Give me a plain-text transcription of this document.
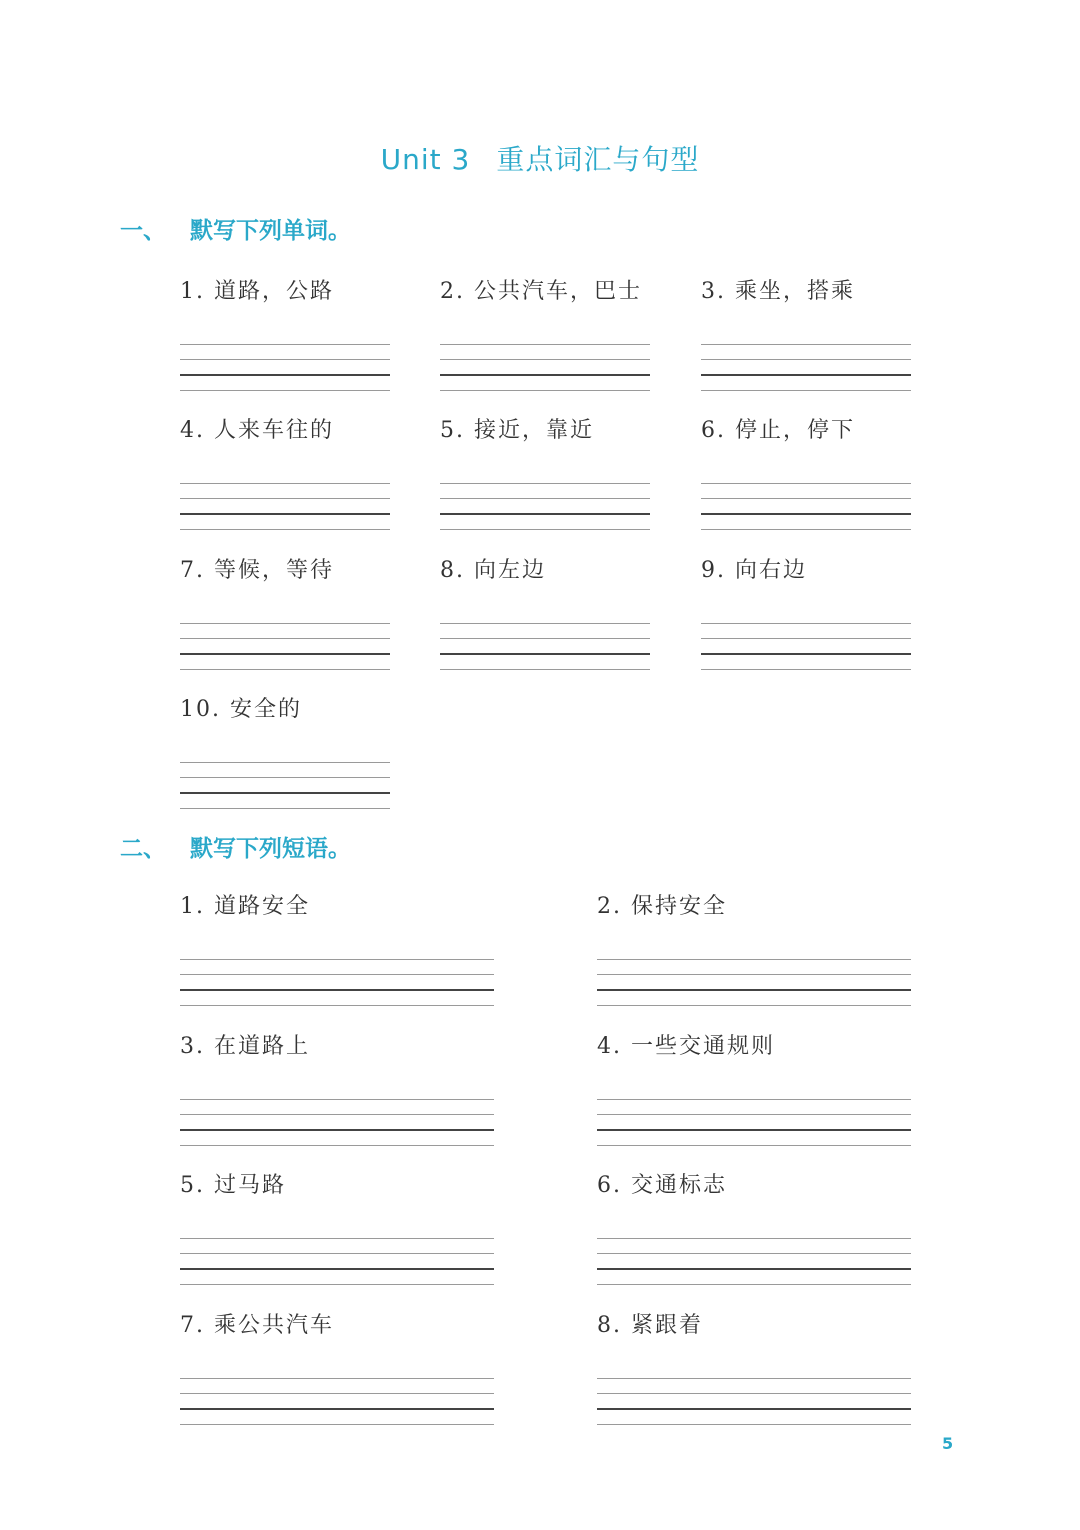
Unit 3 重点词汇与句型
一、 默写下列单词。
1. 道路，公路	2. 公共汽车，巴士	3. 乘坐，搭乘
4. 人来车往的	5. 接近，靠近	6. 停止，停下
7. 等候，等待	8. 向左边	9. 向右边
10. 安全的
二、 默写下列短语。
1. 道路安全	2. 保持安全
3. 在道路上	4. 一些交通规则
5. 过马路	6. 交通标志
7. 乘公共汽车	8. 紧跟着
5
